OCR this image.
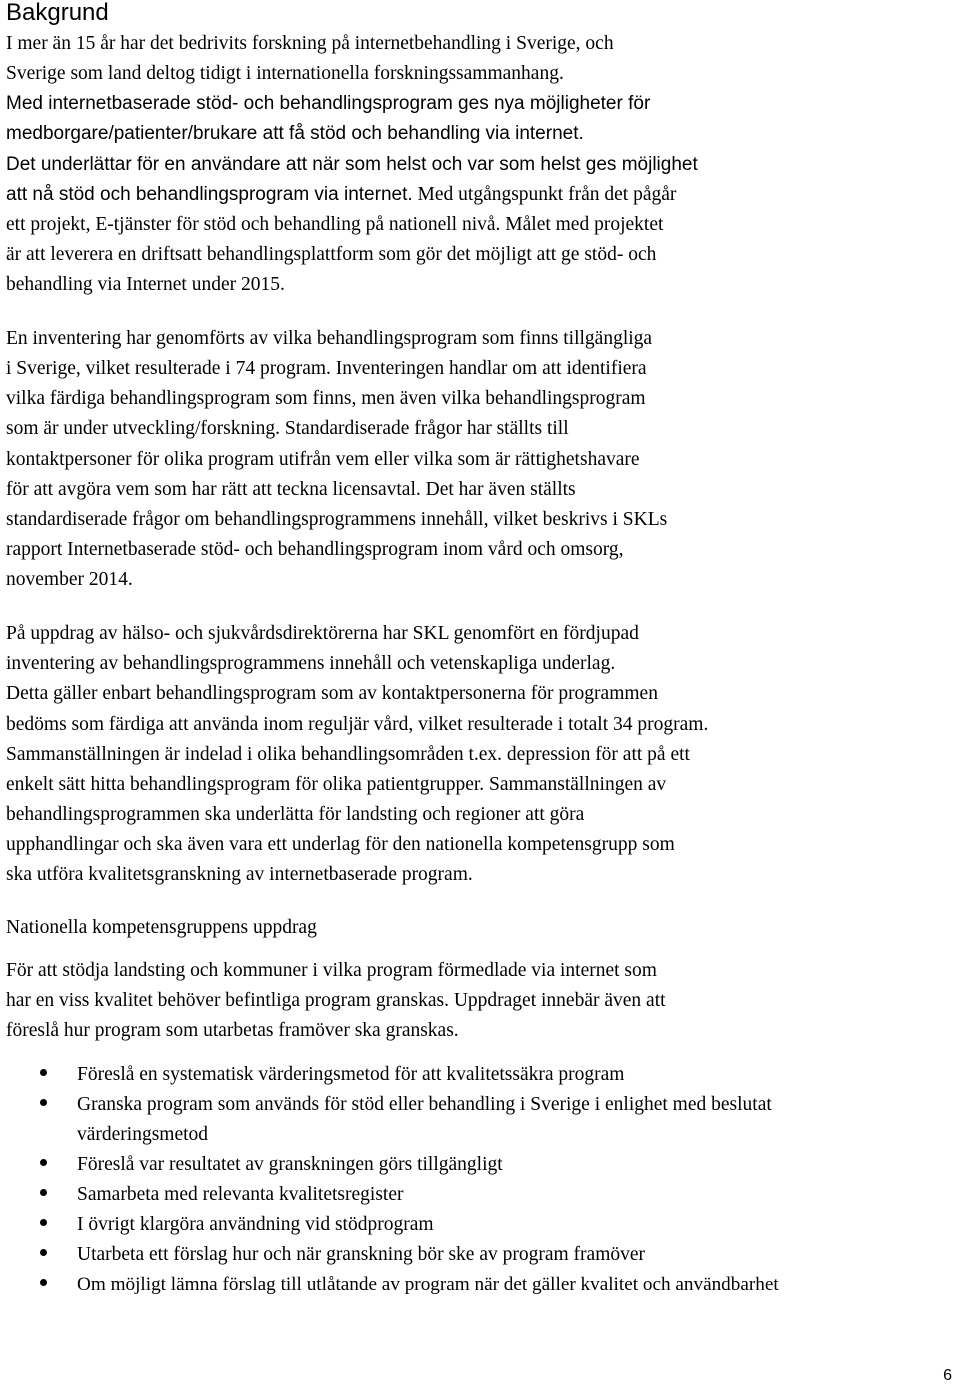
Bakgrund

I mer än 15 år har det bedrivits forskning på internetbehandling i Sverige, och

Sverige som land deltog tidigt i internationella forskningssammanhang.

Med internetbaserade stöd- och behandlingsprogram ges nya möjligheter för

medborgare/patienter/brukare att få stöd och behandling via internet.

Det underlättar för en användare att när som helst och var som helst ges möjlighet

att nå stöd och behandlingsprogram via internet. Med utgångspunkt från det pågår

ett projekt, E-tjänster för stöd och behandling på nationell nivå. Målet med projektet

är att leverera en driftsatt behandlingsplattform som gör det möjligt att ge stöd- och

behandling via Internet under 2015.

En inventering har genomförts av vilka behandlingsprogram som finns tillgängliga

i Sverige, vilket resulterade i 74 program. Inventeringen handlar om att identifiera

vilka färdiga behandlingsprogram som finns, men även vilka behandlingsprogram

som är under utveckling/forskning. Standardiserade frågor har ställts till

kontaktpersoner för olika program utifrån vem eller vilka som är rättighetshavare

för att avgöra vem som har rätt att teckna licensavtal. Det har även ställts

standardiserade frågor om behandlingsprogrammens innehåll, vilket beskrivs i SKLs

rapport Internetbaserade stöd- och behandlingsprogram inom vård och omsorg,

november 2014.

På uppdrag av hälso- och sjukvårdsdirektörerna har SKL genomfört en fördjupad

inventering av behandlingsprogrammens innehåll och vetenskapliga underlag.

Detta gäller enbart behandlingsprogram som av kontaktpersonerna för programmen

bedöms som färdiga att använda inom reguljär vård, vilket resulterade i totalt 34 program.

Sammanställningen är indelad i olika behandlingsområden t.ex. depression för att på ett

enkelt sätt hitta behandlingsprogram för olika patientgrupper. Sammanställningen av

behandlingsprogrammen ska underlätta för landsting och regioner att göra

upphandlingar och ska även vara ett underlag för den nationella kompetensgrupp som

ska utföra kvalitetsgranskning av internetbaserade program.

Nationella kompetensgruppens uppdrag

För att stödja landsting och kommuner i vilka program förmedlade via internet som

har en viss kvalitet behöver befintliga program granskas. Uppdraget innebär även att

föreslå hur program som utarbetas framöver ska granskas.

Föreslå en systematisk värderingsmetod för att kvalitetssäkra program

Granska program som används för stöd eller behandling i Sverige i enlighet med beslutat

värderingsmetod

Föreslå var resultatet av granskningen görs tillgängligt

Samarbeta med relevanta kvalitetsregister

I övrigt klargöra användning vid stödprogram

Utarbeta ett förslag hur och när granskning bör ske av program framöver

Om möjligt lämna förslag till utlåtande av program när det gäller kvalitet och användbarhet

6
